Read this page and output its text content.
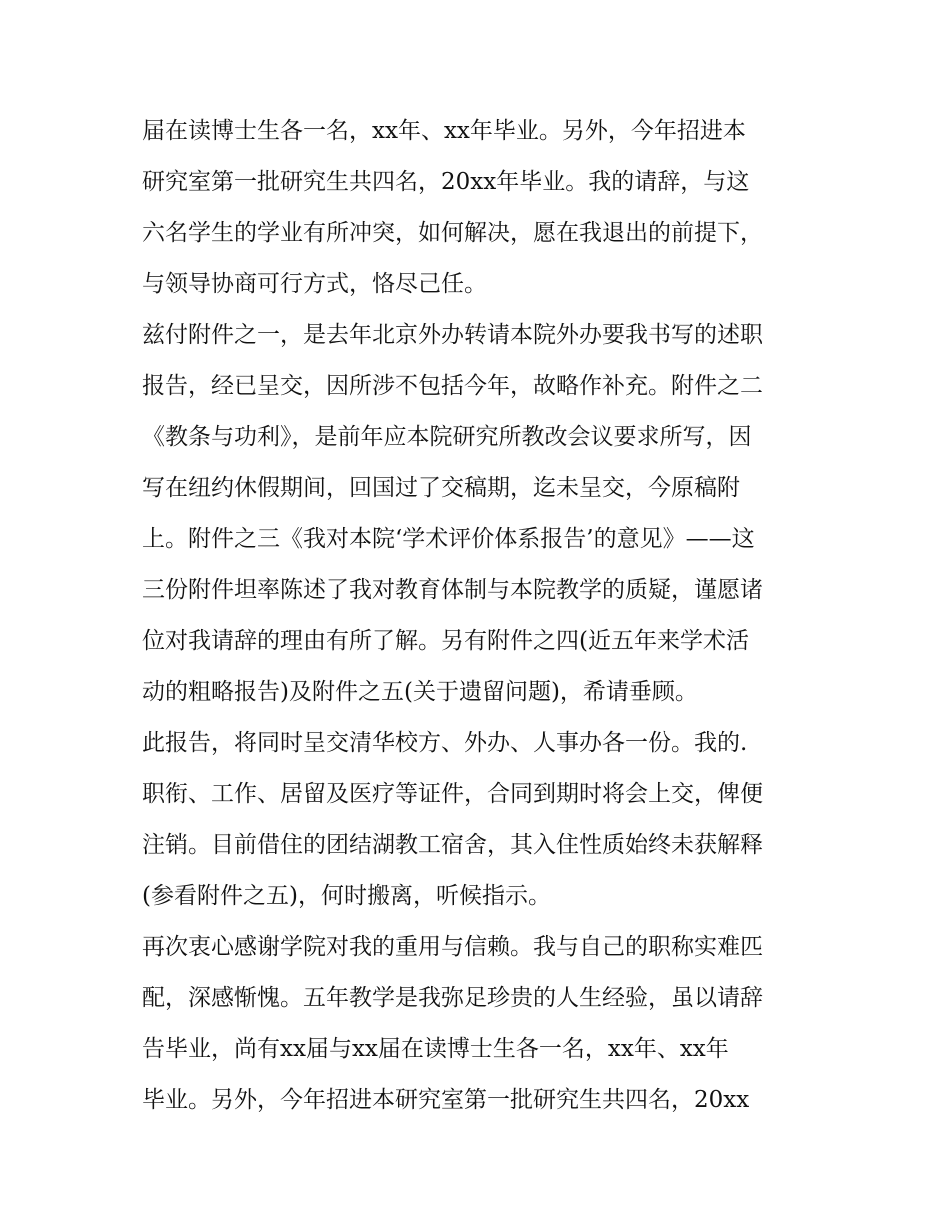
届在读博士生各一名，xx年、xx年毕业。另外，今年招进本
研究室第一批研究生共四名，20xx年毕业。我的请辞，与这
六名学生的学业有所冲突，如何解决，愿在我退出的前提下，
与领导协商可行方式，恪尽己任。
兹付附件之一，是去年北京外办转请本院外办要我书写的述职
报告，经已呈交，因所涉不包括今年，故略作补充。附件之二
《教条与功利》，是前年应本院研究所教改会议要求所写，因
写在纽约休假期间，回国过了交稿期，迄未呈交，今原稿附
上。附件之三《我对本院‘学术评价体系报告’的意见》——这
三份附件坦率陈述了我对教育体制与本院教学的质疑，谨愿诸
位对我请辞的理由有所了解。另有附件之四(近五年来学术活
动的粗略报告)及附件之五(关于遗留问题)，希请垂顾。
此报告，将同时呈交清华校方、外办、人事办各一份。我的.
职衔、工作、居留及医疗等证件，合同到期时将会上交，俾便
注销。目前借住的团结湖教工宿舍，其入住性质始终未获解释
(参看附件之五)，何时搬离，听候指示。
再次衷心感谢学院对我的重用与信赖。我与自己的职称实难匹
配，深感惭愧。五年教学是我弥足珍贵的人生经验，虽以请辞
告毕业，尚有xx届与xx届在读博士生各一名，xx年、xx年
毕业。另外，今年招进本研究室第一批研究生共四名，20xx
